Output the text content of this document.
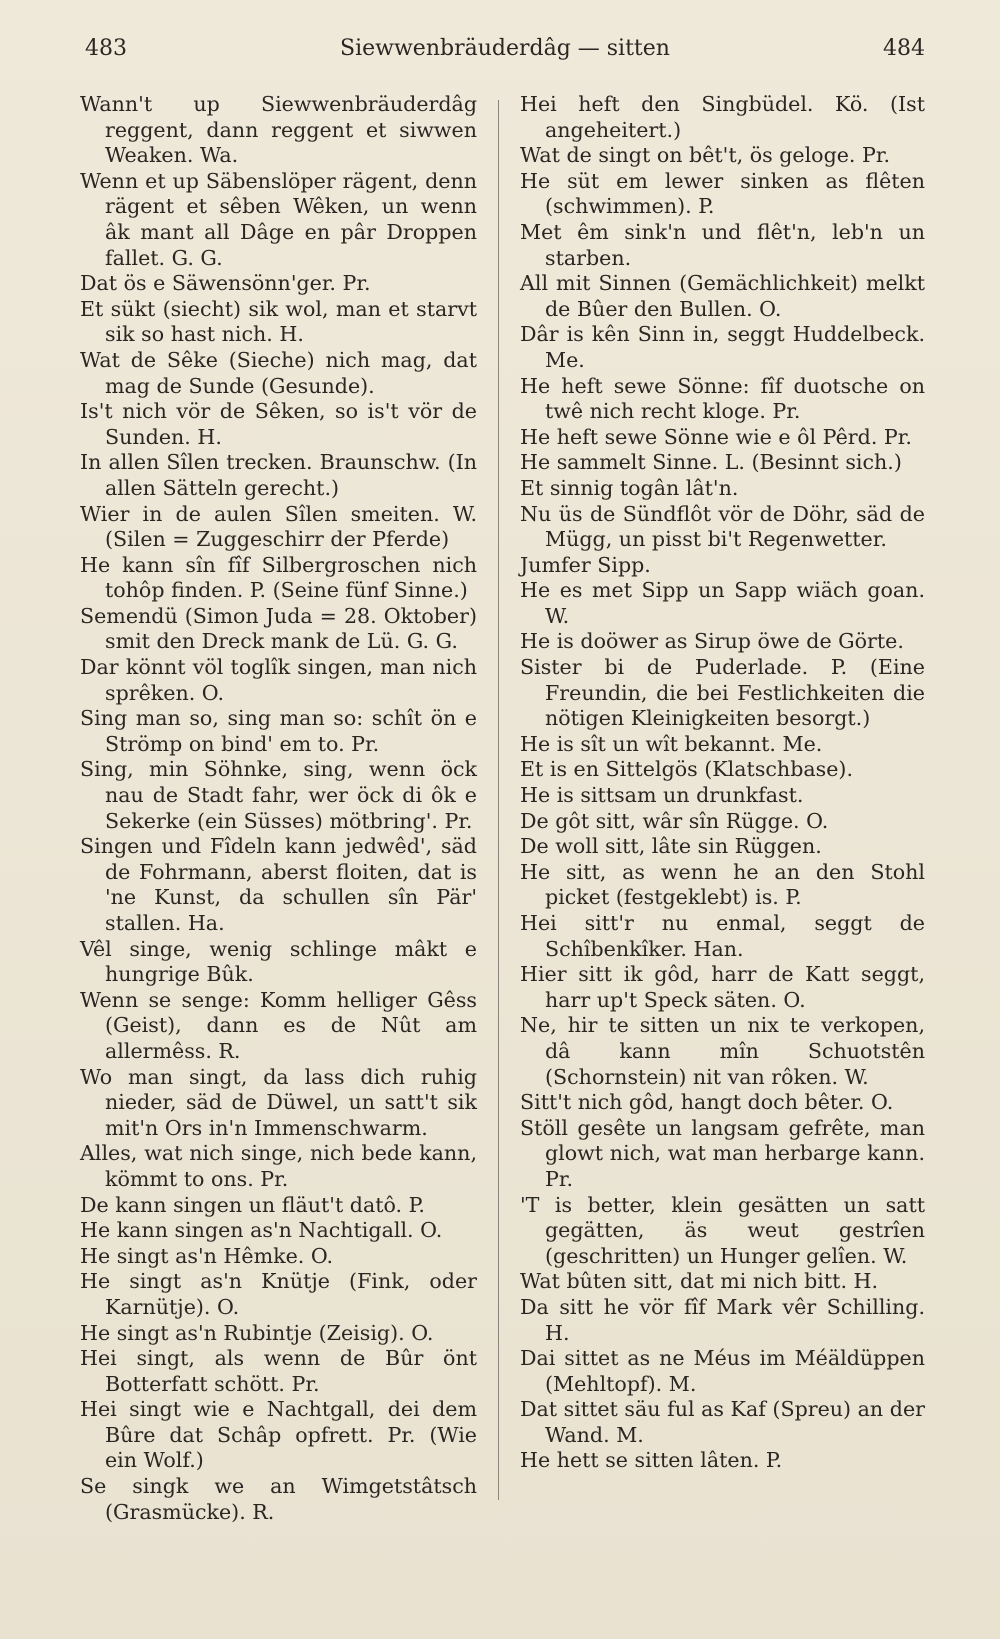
483	Siewwenbräuderdâg — sitten	484

Wann't up Siewwenbräuderdâg reggent, dann reggent et siwwen Weaken. Wa.

Wenn et up Säbenslöper rägent, denn rägent et sêben Wêken, un wenn âk mant all Dâge en pâr Droppen fallet. G. G.

Dat ös e Säwensönn'ger. Pr.

Et sükt (siecht) sik wol, man et starvt sik so hast nich. H.

Wat de Sêke (Sieche) nich mag, dat mag de Sunde (Gesunde).

Is't nich vör de Sêken, so is't vör de Sunden. H.

In allen Sîlen trecken. Braunschw. (In allen Sätteln gerecht.)

Wier in de aulen Sîlen smeiten. W. (Silen = Zuggeschirr der Pferde)

He kann sîn fîf Silbergroschen nich tohôp finden. P. (Seine fünf Sinne.)

Semendü (Simon Juda = 28. Oktober) smit den Dreck mank de Lü. G. G.

Dar könnt völ toglîk singen, man nich sprêken. O.

Sing man so, sing man so: schît ön e Strömp on bind' em to. Pr.

Sing, min Söhnke, sing, wenn öck nau de Stadt fahr, wer öck di ôk e Sekerke (ein Süsses) mötbring'. Pr.

Singen und Fîdeln kann jedwêd', säd de Fohrmann, aberst floiten, dat is 'ne Kunst, da schullen sîn Pär' stallen. Ha.

Vêl singe, wenig schlinge mâkt e hungrige Bûk.

Wenn se senge: Komm helliger Gêss (Geist), dann es de Nût am allermêss. R.

Wo man singt, da lass dich ruhig nieder, säd de Düwel, un satt't sik mit'n Ors in'n Immenschwarm.

Alles, wat nich singe, nich bede kann, kömmt to ons. Pr.

De kann singen un fläut't datô. P.

He kann singen as'n Nachtigall. O.

He singt as'n Hêmke. O.

He singt as'n Knütje (Fink, oder Karnütje). O.

He singt as'n Rubintje (Zeisig). O.

Hei singt, als wenn de Bûr önt Botterfatt schött. Pr.

Hei singt wie e Nachtgall, dei dem Bûre dat Schâp opfrett. Pr. (Wie ein Wolf.)

Se singk we an Wimgetstâtsch (Grasmücke). R.

Hei heft den Singbüdel. Kö. (Ist angeheitert.)

Wat de singt on bêt't, ös geloge. Pr.

He süt em lewer sinken as flêten (schwimmen). P.

Met êm sink'n und flêt'n, leb'n un starben.

All mit Sinnen (Gemächlichkeit) melkt de Bûer den Bullen. O.

Dâr is kên Sinn in, seggt Huddelbeck. Me.

He heft sewe Sönne: fîf duotsche on twê nich recht kloge. Pr.

He heft sewe Sönne wie e ôl Pêrd. Pr.

He sammelt Sinne. L. (Besinnt sich.)

Et sinnig togân lât'n.

Nu üs de Sündflôt vör de Döhr, säd de Mügg, un pisst bi't Regenwetter.

Jumfer Sipp.

He es met Sipp un Sapp wiäch goan. W.

He is doöwer as Sirup öwe de Görte.

Sister bi de Puderlade. P. (Eine Freundin, die bei Festlichkeiten die nötigen Kleinigkeiten besorgt.)

He is sît un wît bekannt. Me.

Et is en Sittelgös (Klatschbase).

He is sittsam un drunkfast.

De gôt sitt, wâr sîn Rügge. O.

De woll sitt, lâte sin Rüggen.

He sitt, as wenn he an den Stohl picket (festgeklebt) is. P.

Hei sitt'r nu enmal, seggt de Schîbenkîker. Han.

Hier sitt ik gôd, harr de Katt seggt, harr up't Speck säten. O.

Ne, hir te sitten un nix te verkopen, dâ kann mîn Schuotstên (Schornstein) nit van rôken. W.

Sitt't nich gôd, hangt doch bêter. O.

Stöll gesête un langsam gefrête, man glowt nich, wat man herbarge kann. Pr.

'T is better, klein gesätten un satt gegätten, äs weut gestrîen (geschritten) un Hunger gelîen. W.

Wat bûten sitt, dat mi nich bitt. H.

Da sitt he vör fîf Mark vêr Schilling. H.

Dai sittet as ne Méus im Méäldüppen (Mehltopf). M.

Dat sittet säu ful as Kaf (Spreu) an der Wand. M.

He hett se sitten lâten. P.
